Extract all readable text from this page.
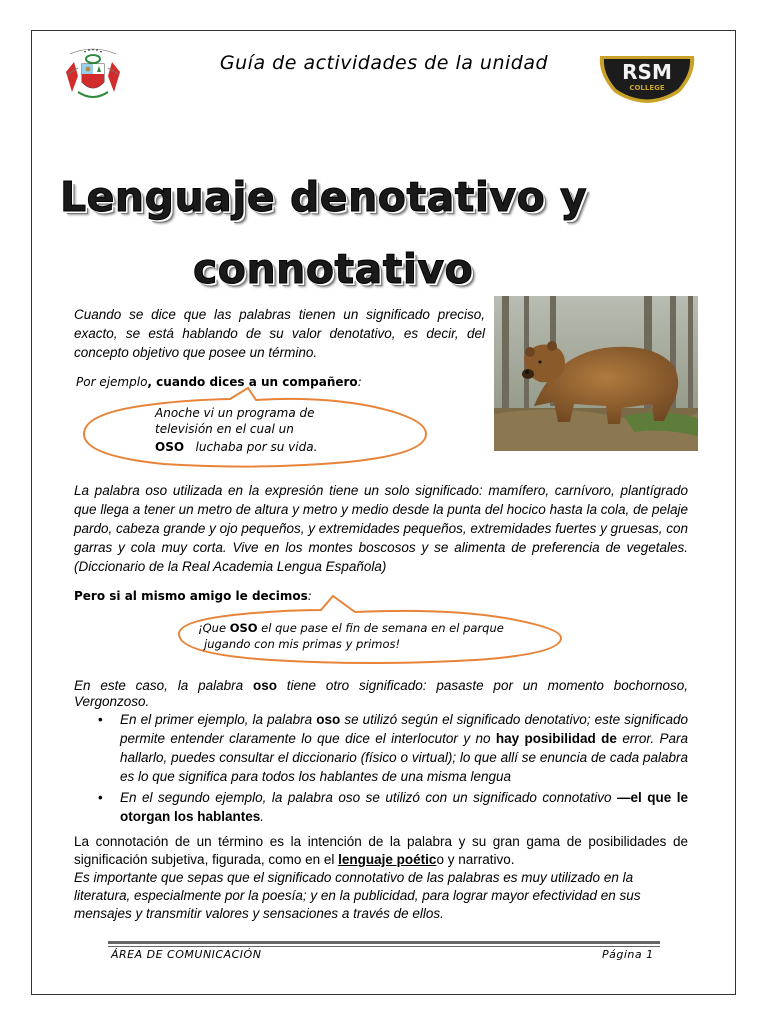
Guía de actividades de la unidad	RSM
COLLEGE
Lenguaje denotativo y
connotativo
Cuando se dice que las palabras tienen un significado preciso, exacto, se está hablando de su valor denotativo, es decir, del concepto objetivo que posee un término.
Por ejemplo, cuando dices a un compañero:
Anoche vi un programa de
televisión en el cual un
OSO luchaba por su vida.
La palabra oso utilizada en la expresión tiene un solo significado: mamífero, carnívoro, plantígrado que llega a tener un metro de altura y metro y medio desde la punta del hocico hasta la cola, de pelaje pardo, cabeza grande y ojo pequeños, y extremidades pequeños, extremidades fuertes y gruesas, con garras y cola muy corta. Vive en los montes boscosos y se alimenta de preferencia de vegetales. (Diccionario de la Real Academia Lengua Española)
Pero si al mismo amigo le decimos:
¡Que OSO el que pase el fin de semana en el parque
jugando con mis primas y primos!
En este caso, la palabra oso tiene otro significado: pasaste por un momento bochornoso, Vergonzoso.
• En el primer ejemplo, la palabra oso se utilizó según el significado denotativo; este significado permite entender claramente lo que dice el interlocutor y no hay posibilidad de error. Para hallarlo, puedes consultar el diccionario (físico o virtual); lo que allí se enuncia de cada palabra es lo que significa para todos los hablantes de una misma lengua
• En el segundo ejemplo, la palabra oso se utilizó con un significado connotativo —el que le otorgan los hablantes.
La connotación de un término es la intención de la palabra y su gran gama de posibilidades de significación subjetiva, figurada, como en el lenguaje poético y narrativo.
Es importante que sepas que el significado connotativo de las palabras es muy utilizado en la literatura, especialmente por la poesía; y en la publicidad, para lograr mayor efectividad en sus mensajes y transmitir valores y sensaciones a través de ellos.
ÁREA DE COMUNICACIÓN	Página 1
